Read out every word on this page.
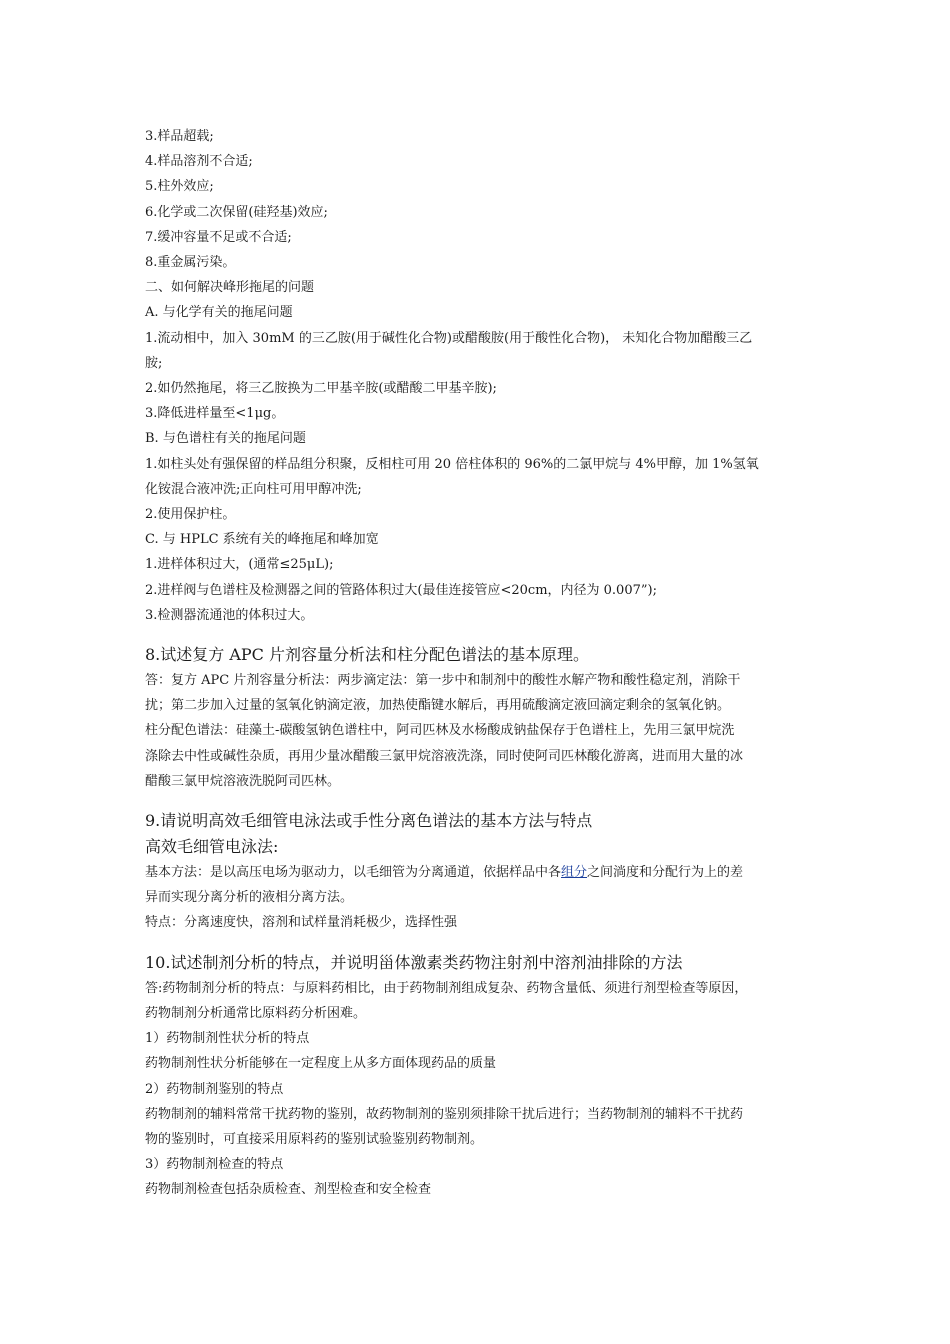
3.样品超载;

4.样品溶剂不合适;

5.柱外效应;

6.化学或二次保留(硅羟基)效应;

7.缓冲容量不足或不合适;

8.重金属污染。

二、如何解决峰形拖尾的问题

A. 与化学有关的拖尾问题

1.流动相中，加入 30mM 的三乙胺(用于碱性化合物)或醋酸胺(用于酸性化合物)， 未知化合物加醋酸三乙

胺;

2.如仍然拖尾，将三乙胺换为二甲基辛胺(或醋酸二甲基辛胺);

3.降低进样量至<1μg。

B. 与色谱柱有关的拖尾问题

1.如柱头处有强保留的样品组分积聚，反相柱可用 20 倍柱体积的 96%的二氯甲烷与 4%甲醇，加 1%氢氧

化铵混合液冲洗;正向柱可用甲醇冲洗;

2.使用保护柱。

C. 与 HPLC 系统有关的峰拖尾和峰加宽

1.进样体积过大，(通常≤25μL);

2.进样阀与色谱柱及检测器之间的管路体积过大(最佳连接管应<20cm，内径为 0.007”);

3.检测器流通池的体积过大。

8.试述复方 APC 片剂容量分析法和柱分配色谱法的基本原理。

答：复方 APC 片剂容量分析法：两步滴定法：第一步中和制剂中的酸性水解产物和酸性稳定剂，消除干

扰；第二步加入过量的氢氧化钠滴定液，加热使酯键水解后，再用硫酸滴定液回滴定剩余的氢氧化钠。

柱分配色谱法：硅藻土-碳酸氢钠色谱柱中，阿司匹林及水杨酸成钠盐保存于色谱柱上，先用三氯甲烷洗

涤除去中性或碱性杂质，再用少量冰醋酸三氯甲烷溶液洗涤，同时使阿司匹林酸化游离，进而用大量的冰

醋酸三氯甲烷溶液洗脱阿司匹林。

9.请说明高效毛细管电泳法或手性分离色谱法的基本方法与特点

高效毛细管电泳法:

基本方法：是以高压电场为驱动力，以毛细管为分离通道，依据样品中各组分之间淌度和分配行为上的差

异而实现分离分析的液相分离方法。

特点：分离速度快，溶剂和试样量消耗极少，选择性强

10.试述制剂分析的特点，并说明甾体激素类药物注射剂中溶剂油排除的方法

答:药物制剂分析的特点：与原料药相比，由于药物制剂组成复杂、药物含量低、须进行剂型检查等原因，

药物制剂分析通常比原料药分析困难。

1）药物制剂性状分析的特点

药物制剂性状分析能够在一定程度上从多方面体现药品的质量

2）药物制剂鉴别的特点

药物制剂的辅料常常干扰药物的鉴别，故药物制剂的鉴别须排除干扰后进行；当药物制剂的辅料不干扰药

物的鉴别时，可直接采用原料药的鉴别试验鉴别药物制剂。

3）药物制剂检查的特点

药物制剂检查包括杂质检查、剂型检查和安全检查
